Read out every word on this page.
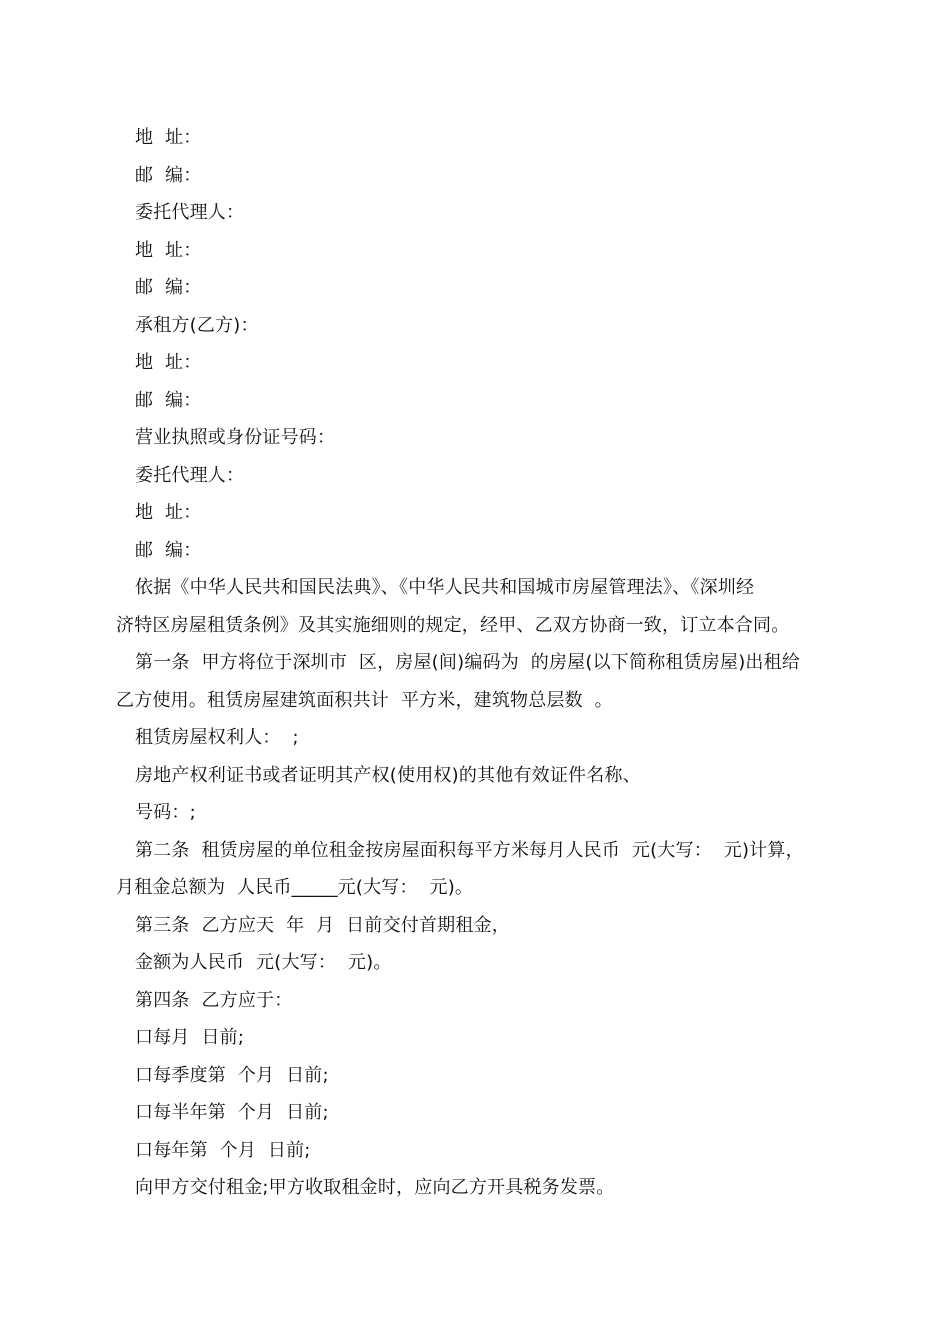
地  址：
邮  编：
委托代理人：
地  址：
邮  编：
承租方(乙方)：
地  址：
邮  编：
营业执照或身份证号码：
委托代理人：
地  址：
邮  编：
依据《中华人民共和国民法典》、《中华人民共和国城市房屋管理法》、《深圳经
济特区房屋租赁条例》及其实施细则的规定，经甲、乙双方协商一致，订立本合同。
第一条  甲方将位于深圳市  区，房屋(间)编码为  的房屋(以下简称租赁房屋)出租给
乙方使用。租赁房屋建筑面积共计  平方米，建筑物总层数  。
租赁房屋权利人：  ;
房地产权利证书或者证明其产权(使用权)的其他有效证件名称、
号码：;
第二条  租赁房屋的单位租金按房屋面积每平方米每月人民币  元(大写：  元)计算，
月租金总额为  人民币_____元(大写：  元)。
第三条  乙方应天  年  月  日前交付首期租金，
金额为人民币  元(大写：  元)。
第四条  乙方应于：
口每月  日前;
口每季度第  个月  日前;
口每半年第  个月  日前;
口每年第  个月  日前;
向甲方交付租金;甲方收取租金时，应向乙方开具税务发票。
